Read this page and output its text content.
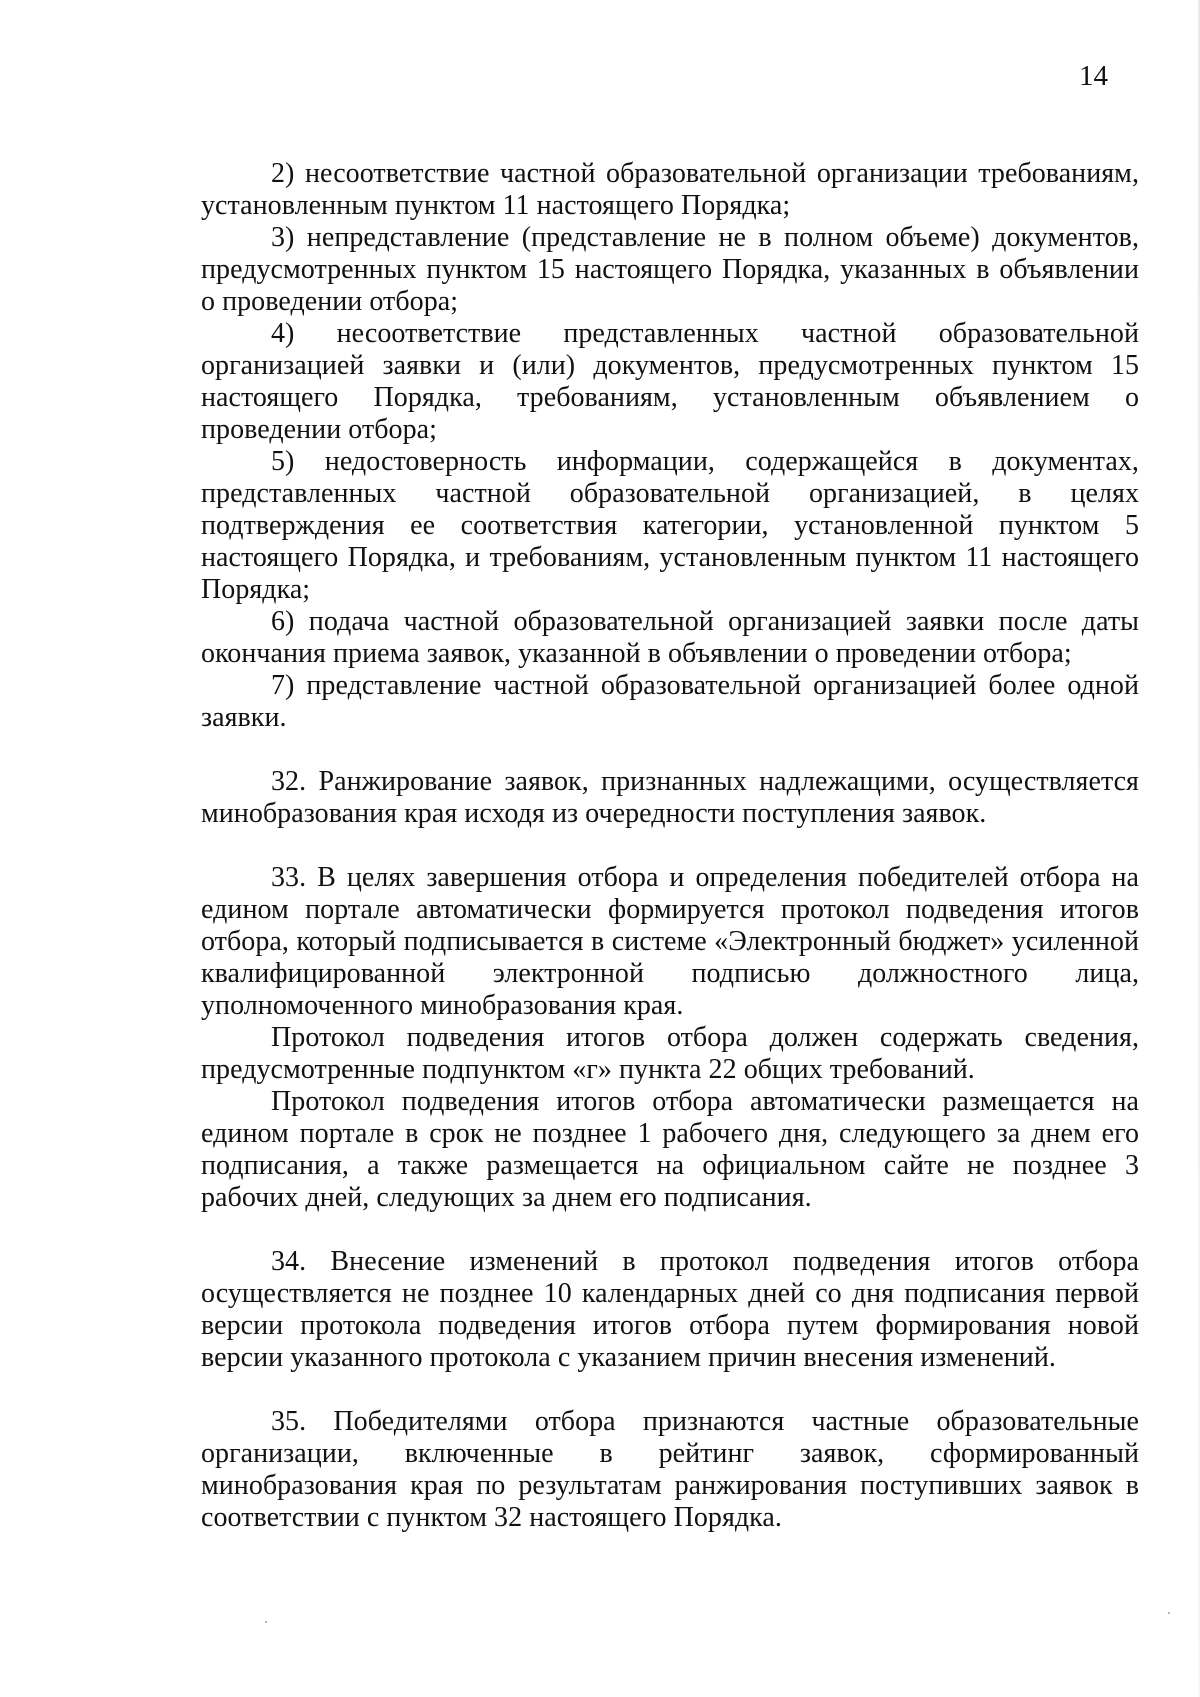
14

2) несоответствие частной образовательной организации требованиям, установленным пунктом 11 настоящего Порядка;

3) непредставление (представление не в полном объеме) документов, предусмотренных пунктом 15 настоящего Порядка, указанных в объявлении о проведении отбора;

4) несоответствие представленных частной образовательной организацией заявки и (или) документов, предусмотренных пунктом 15 настоящего Порядка, требованиям, установленным объявлением о проведении отбора;

5) недостоверность информации, содержащейся в документах, представленных частной образовательной организацией, в целях подтверждения ее соответствия категории, установленной пунктом 5 настоящего Порядка, и требованиям, установленным пунктом 11 настоящего Порядка;

6) подача частной образовательной организацией заявки после даты окончания приема заявок, указанной в объявлении о проведении отбора;

7) представление частной образовательной организацией более одной заявки.

32. Ранжирование заявок, признанных надлежащими, осуществляется минобразования края исходя из очередности поступления заявок.

33. В целях завершения отбора и определения победителей отбора на едином портале автоматически формируется протокол подведения итогов отбора, который подписывается в системе «Электронный бюджет» усиленной квалифицированной электронной подписью должностного лица, уполномоченного минобразования края.

Протокол подведения итогов отбора должен содержать сведения, предусмотренные подпунктом «г» пункта 22 общих требований.

Протокол подведения итогов отбора автоматически размещается на едином портале в срок не позднее 1 рабочего дня, следующего за днем его подписания, а также размещается на официальном сайте не позднее 3 рабочих дней, следующих за днем его подписания.

34. Внесение изменений в протокол подведения итогов отбора осуществляется не позднее 10 календарных дней со дня подписания первой версии протокола подведения итогов отбора путем формирования новой версии указанного протокола с указанием причин внесения изменений.

35. Победителями отбора признаются частные образовательные организации, включенные в рейтинг заявок, сформированный минобразования края по результатам ранжирования поступивших заявок в соответствии с пунктом 32 настоящего Порядка.
